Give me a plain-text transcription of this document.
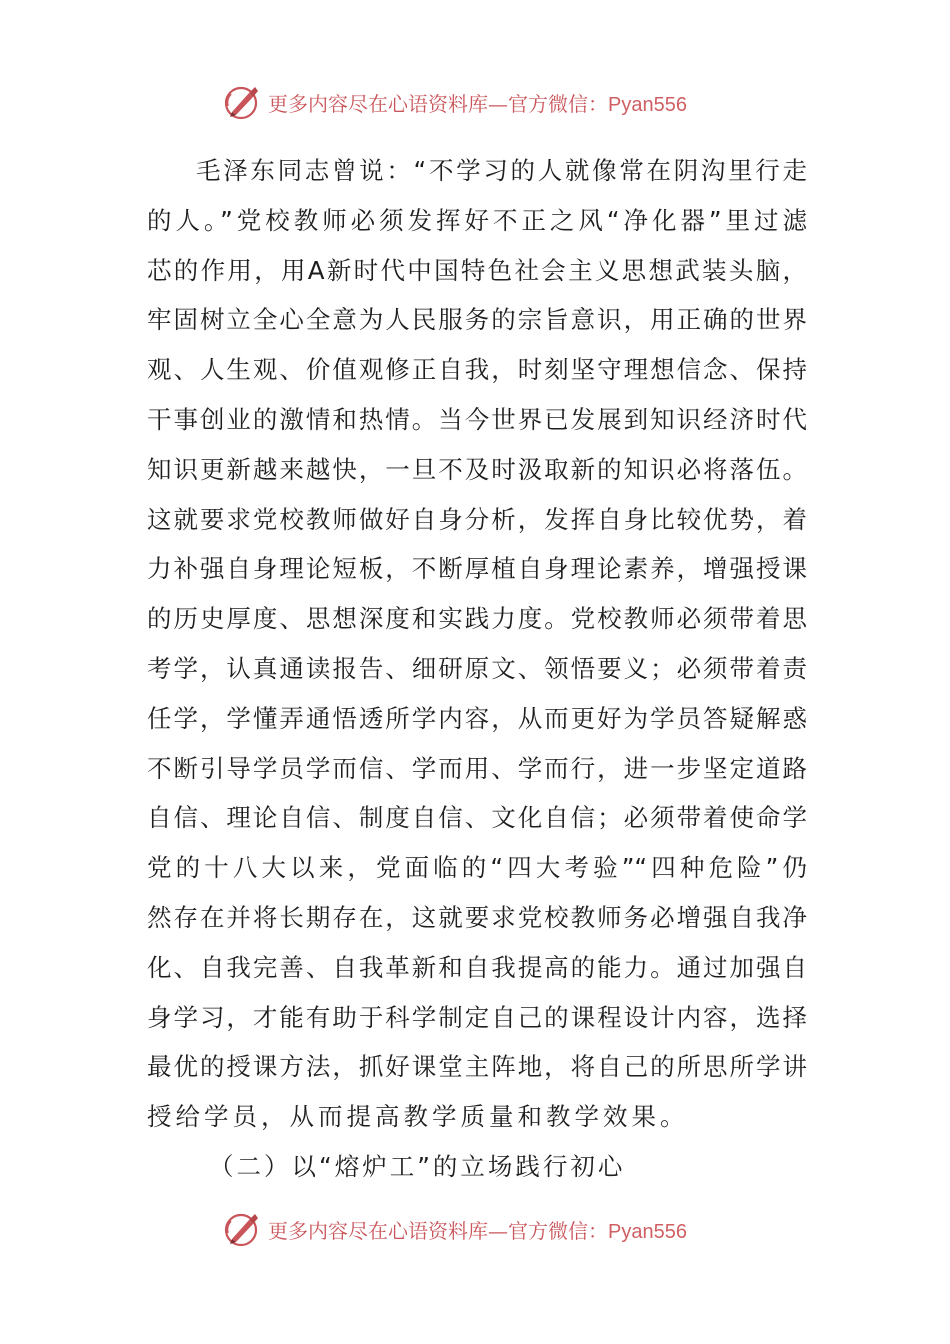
更多内容尽在心语资料库—官方微信：Pyan556
毛泽东同志曾说：“不学习的人就像常在阴沟里行走
的人。”党校教师必须发挥好不正之风“净化器”里过滤
芯的作用，用A新时代中国特色社会主义思想武装头脑，
牢固树立全心全意为人民服务的宗旨意识，用正确的世界
观、人生观、价值观修正自我，时刻坚守理想信念、保持
干事创业的激情和热情。当今世界已发展到知识经济时代
知识更新越来越快，一旦不及时汲取新的知识必将落伍。
这就要求党校教师做好自身分析，发挥自身比较优势，着
力补强自身理论短板，不断厚植自身理论素养，增强授课
的历史厚度、思想深度和实践力度。党校教师必须带着思
考学，认真通读报告、细研原文、领悟要义；必须带着责
任学，学懂弄通悟透所学内容，从而更好为学员答疑解惑
不断引导学员学而信、学而用、学而行，进一步坚定道路
自信、理论自信、制度自信、文化自信；必须带着使命学
党的十八大以来，党面临的“四大考验”“四种危险”仍
然存在并将长期存在，这就要求党校教师务必增强自我净
化、自我完善、自我革新和自我提高的能力。通过加强自
身学习，才能有助于科学制定自己的课程设计内容，选择
最优的授课方法，抓好课堂主阵地，将自己的所思所学讲
授给学员，从而提高教学质量和教学效果。
（二）以“熔炉工”的立场践行初心
更多内容尽在心语资料库—官方微信：Pyan556
